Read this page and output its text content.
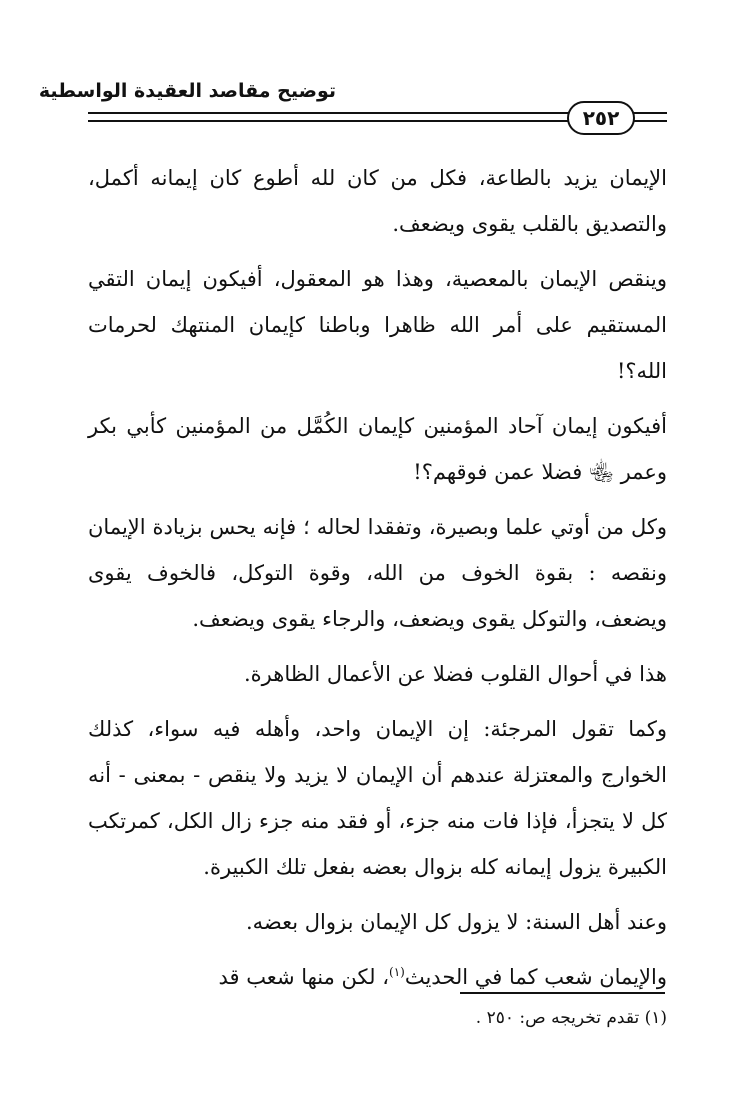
توضيح مقاصد العقيدة الواسطية
٢٥٢

الإيمان يزيد بالطاعة، فكل من كان لله أطوع كان إيمانه أكمل، والتصديق بالقلب يقوى ويضعف.

وينقص الإيمان بالمعصية، وهذا هو المعقول، أفيكون إيمان التقي المستقيم على أمر الله ظاهرا وباطنا كإيمان المنتهك لحرمات الله؟!

أفيكون إيمان آحاد المؤمنين كإيمان الكُمَّل من المؤمنين كأبي بكر وعمر ﵄ فضلا عمن فوقهم؟!

وكل من أوتي علما وبصيرة، وتفقدا لحاله ؛ فإنه يحس بزيادة الإيمان ونقصه : بقوة الخوف من الله، وقوة التوكل، فالخوف يقوى ويضعف، والتوكل يقوى ويضعف، والرجاء يقوى ويضعف.

هذا في أحوال القلوب فضلا عن الأعمال الظاهرة.

وكما تقول المرجئة: إن الإيمان واحد، وأهله فيه سواء، كذلك الخوارج والمعتزلة عندهم أن الإيمان لا يزيد ولا ينقص - بمعنى - أنه كل لا يتجزأ، فإذا فات منه جزء، أو فقد منه جزء زال الكل، كمرتكب الكبيرة يزول إيمانه كله بزوال بعضه بفعل تلك الكبيرة.

وعند أهل السنة: لا يزول كل الإيمان بزوال بعضه.

والإيمان شعب كما في الحديث$^{(١)}$، لكن منها شعب قد

(١) تقدم تخريجه ص: ٢٥٠ .
